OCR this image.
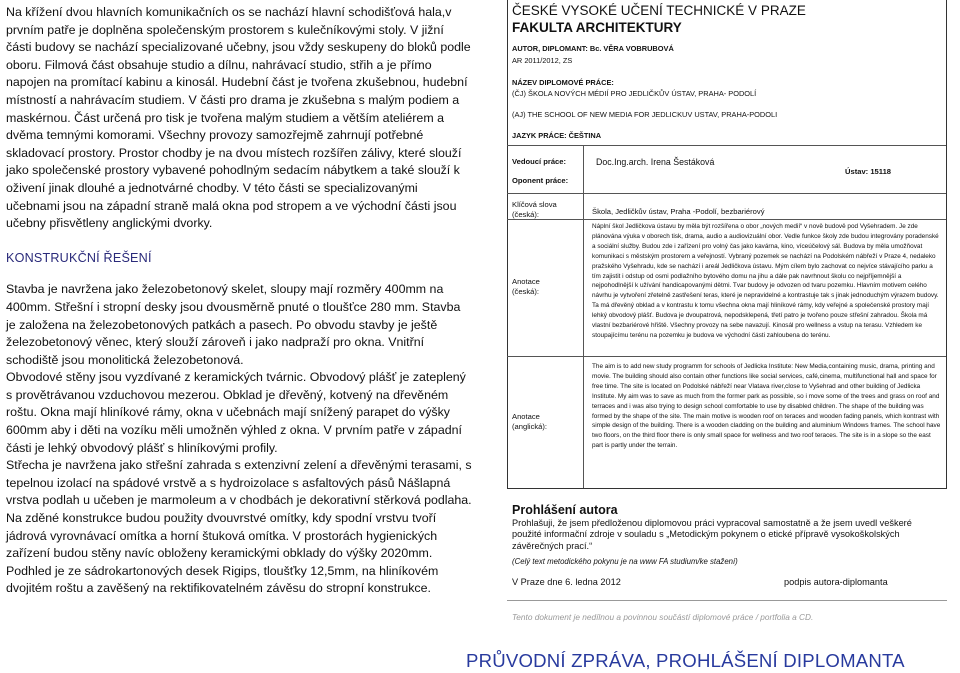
Na křížení dvou hlavních komunikačních os se nachází hlavní schodišťová hala,v prvním patře je doplněna společenským prostorem s kulečníkovými stoly. V jižní části budovy se nachází specializované učebny, jsou vždy seskupeny do bloků podle oboru. Filmová část obsahuje studio a dílnu, nahrávací studio, střih a je přímo napojen na promítací kabinu a kinosál. Hudební část je tvořena zkušebnou, hudební místností a nahrávacím studiem. V části pro drama je zkušebna s malým podiem a maskérnou. Část určená pro tisk je tvořena malým studiem a větším ateliérem a dvěma temnými komorami. Všechny provozy samozřejmě zahrnují potřebné skladovací prostory. Prostor chodby je na dvou místech rozšířen zálivy, které slouží jako společenské prostory vybavené pohodlným sedacím nábytkem a také slouží k oživení jinak dlouhé a jednotvárné chodby. V této části se specializovanými učebnami jsou na západní straně malá okna pod stropem a ve východní části jsou učebny přisvětleny anglickými dvorky.

KONSTRUKČNÍ ŘEŠENÍ

Stavba je navržena jako železobetonový skelet, sloupy mají rozměry 400mm na 400mm. Střešní i stropní desky jsou dvousměrně pnuté o tloušťce 280 mm. Stavba je založena na železobetonových patkách a pasech. Po obvodu stavby je ještě železobetonový věnec, který slouží zároveň i jako nadpraží pro okna. Vnitřní schodiště jsou monolitická železobetonová.

Obvodové stěny jsou vyzdívané z keramických tvárnic. Obvodový plášť je zateplený s provětrávanou vzduchovou mezerou. Obklad je dřevěný, kotvený na dřevěném roštu. Okna mají hliníkové rámy, okna v učebnách mají snížený parapet do výšky 600mm aby i děti na vozíku měli umožněn výhled z okna. V prvním patře v západní části je lehký obvodový plášť s hliníkovými profily.

Střecha je navržena jako střešní zahrada s extenzivní zelení a dřevěnými terasami, s tepelnou izolací na spádové vrstvě a s hydroizolace s asfaltových pásů Nášlapná vrstva podlah u učeben je marmoleum a v chodbách je dekorativní stěrková podlaha. Na zděné konstrukce budou použity dvouvrstvé omítky, kdy spodní vrstvu tvoří jádrová vyrovnávací omítka a horní štuková omítka. V prostorách hygienických zařízení budou stěny navíc obloženy keramickými obklady do výšky 2020mm. Podhled je ze sádrokartonových desek Rigips, tloušťky 12,5mm, na hliníkovém dvojitém roštu a zavěšený na rektifikovatelném závěsu do stropní konstrukce.

ČESKÉ VYSOKÉ UČENÍ TECHNICKÉ V PRAZE
FAKULTA ARCHITEKTURY
AUTOR, DIPLOMANT: Bc. VĚRA VOBRUBOVÁ
AR 2011/2012, ZS
NÁZEV DIPLOMOVÉ PRÁCE:
(ČJ) ŠKOLA NOVÝCH MÉDIÍ PRO JEDLIČKŮV ÚSTAV, PRAHA- PODOLÍ
(AJ) THE SCHOOL OF NEW MEDIA FOR JEDLICKUV USTAV, PRAHA-PODOLI
JAZYK PRÁCE: ČEŠTINA
Vedoucí práce:	Doc.Ing.arch. Irena Šestáková
Ústav: 15118
Oponent práce:
Klíčová slova
(česká):	Škola, Jedličkův ústav, Praha -Podolí, bezbariérový
Anotace
(česká):
Náplní škol Jedličkova ústavu by měla být rozšířena o obor „nových medií“ v nově budově pod Vyšehradem. Je zde plánována výuka v oborech tisk, drama, audio a audiovizuální obor. Vedle funkce školy zde budou integrovány poradenské a sociální služby. Budou zde i zařízení pro volný čas jako kavárna, kino, víceúčelový sál. Budova by měla umožňovat komunikaci s městským prostorem a veřejností. Vybraný pozemek se nachází na Podolském nábřeží v Praze 4, nedaleko pražského Vyšehradu, kde se nachází i areál Jedličkova ústavu. Mým cílem bylo zachovat co nejvíce stávajícího parku a tím zajistit i odstup od osmi podlažního bytového domu na jihu a dále pak navrhnout školu co nejpříjemnější a nejpohodlnější k užívání handicapovanými dětmi. Tvar budovy je odvozen od tvaru pozemku. Hlavním motivem celého návrhu je vytvoření zřetelně zastřešení teras, které je nepravidelné a kontrastuje tak s jinak jednoduchým výrazem budovy. Ta má dřevěný obklad a v kontrastu k tomu všechna okna mají hliníkové rámy, kdy veřejné a společenské prostory mají lehký obvodový plášť. Budova je dvoupatrová, nepodsklepená, třetí patro je tvořeno pouze střešní zahradou. Škola má vlastní bezbariérové hřiště. Všechny provozy na sebe navazují. Kinosál pro wellness a vstup na terasu. Vzhledem ke stoupajícímu terénu na pozemku je budova ve východní části zahloubena do terénu.
Anotace
(anglická):
The aim is to add new study programm for schools of Jedlicka Institute: New Media,containing music, drama, printing and movie. The building should also contain other functions like social services, café,cinema, multifunctional hall and space for free time. The site is located on Podolské nábřeží near Vlatava river,close to Vyšehrad and other building of Jedlicka Institute. My aim was to save as much from the former park as possible, so i move some of the trees and grass on roof and terraces and i was also trying to design school comfortable to use by disabled children. The shape of the building was formed by the shape of the site. The main motive is wooden roof on teraces and wooden fading panels, which kontrast with simple design of the building. There is a wooden cladding on the building and aluminium Windows frames. The school have two floors, on the third floor there is only small space for wellness and two roof teraces. The site is in a slope so the east part is partly under the terrain.
Prohlášení autora
Prohlašuji, že jsem předloženou diplomovou práci vypracoval samostatně a že jsem uvedl veškeré použité informační zdroje v souladu s „Metodickým pokynem o etické přípravě vysokoškolských závěrečných prací.“
(Celý text metodického pokynu je na www FA studium/ke stažení)
V Praze dne 6. ledna 2012	podpis autora-diplomanta
Tento dokument je nedílnou a povinnou součástí diplomové práce / portfolia a CD.
PRŮVODNÍ ZPRÁVA, PROHLÁŠENÍ DIPLOMANTA
